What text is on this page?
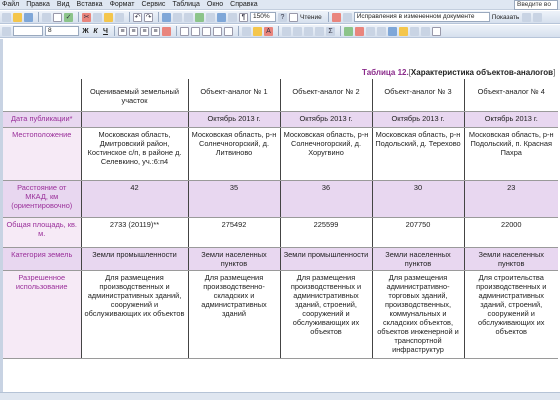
Файл Правка Вид Вставка Формат Сервис Таблица Окно Справка	Введите во
✓ ✂	↶ ↷	¶	150%	?	Чтение	Исправления в измененном документе	Показать
8	Ж К Ч	≡ ≡ ≡ ≡	A	Σ
Таблица 12.[Характеристика объектов-аналогов]
	Оцениваемый земельный участок	Объект-аналог № 1	Объект-аналог № 2	Объект-аналог № 3	Объект-аналог № 4
Дата публикации*		Октябрь 2013 г.	Октябрь 2013 г.	Октябрь 2013 г.	Октябрь 2013 г.
Местоположение	Московская область, Дмитровский район, Костинское с/п, в районе д. Селевкино, уч.:6:п4	Московская область, р-н Солнечногорский, д. Литвиново	Московская область, р-н Солнечногорский, д. Хоругвино	Московская область, р-н Подольский, д. Терехово	Московская область, р-н Подольский, п. Красная Пахра
Расстояние от МКАД, км (ориентировочно)	42	35	36	30	23
Общая площадь, кв. м.	2733 (20119)**	275492	225599	207750	22000
Категория земель	Земли промышленности	Земли населенных пунктов	Земли промышленности	Земли населенных пунктов	Земли населенных пунктов
Разрешенное использование	Для размещения производственных и административных зданий, сооружений и обслуживающих их объектов	Для размещения производственно-складских и административных зданий	Для размещения производственных и административных зданий, строений, сооружений и обслуживающих их объектов	Для размещения административно-торговых зданий, производственных, коммунальных и складских объектов, объектов инженерной и транспортной инфраструктур	Для строительства производственных и административных зданий, строений, сооружений и обслуживающих их объектов
